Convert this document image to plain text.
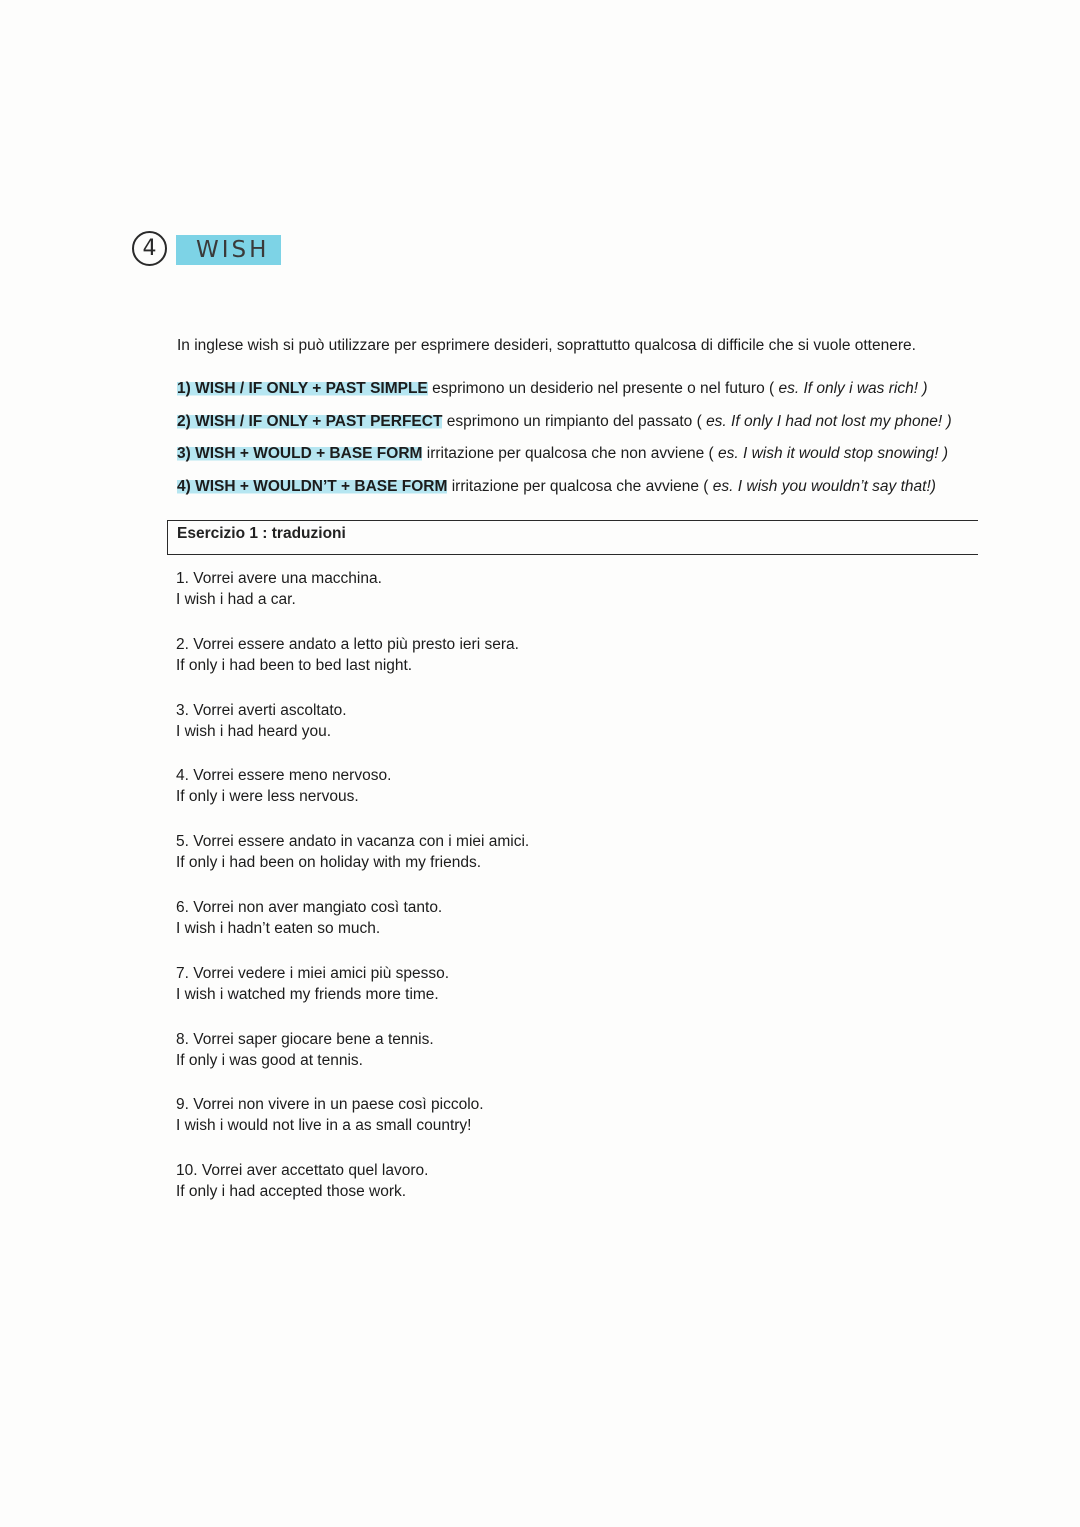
4	WISH
In inglese wish si può utilizzare per esprimere desideri, soprattutto qualcosa di difficile che si vuole ottenere.
1) WISH / IF ONLY + PAST SIMPLE esprimono un desiderio nel presente o nel futuro ( es. If only i was rich! )
2) WISH / IF ONLY + PAST PERFECT esprimono un rimpianto del passato ( es. If only I had not lost my phone! )
3) WISH + WOULD + BASE FORM irritazione per qualcosa che non avviene ( es. I wish it would stop snowing! )
4) WISH + WOULDN’T + BASE FORM irritazione per qualcosa che avviene ( es. I wish you wouldn’t say that!)
Esercizio 1 : traduzioni
1. Vorrei avere una macchina.
I wish i had a car.
2. Vorrei essere andato a letto più presto ieri sera.
If only i had been to bed last night.
3. Vorrei averti ascoltato.
I wish i had heard you.
4. Vorrei essere meno nervoso.
If only i were less nervous.
5. Vorrei essere andato in vacanza con i miei amici.
If only i had been on holiday with my friends.
6. Vorrei non aver mangiato così tanto.
I wish i hadn’t eaten so much.
7. Vorrei vedere i miei amici più spesso.
I wish i watched my friends more time.
8. Vorrei saper giocare bene a tennis.
If only i was good at tennis.
9. Vorrei non vivere in un paese così piccolo.
I wish i would not live in a as small country!
10. Vorrei aver accettato quel lavoro.
If only i had accepted those work.
